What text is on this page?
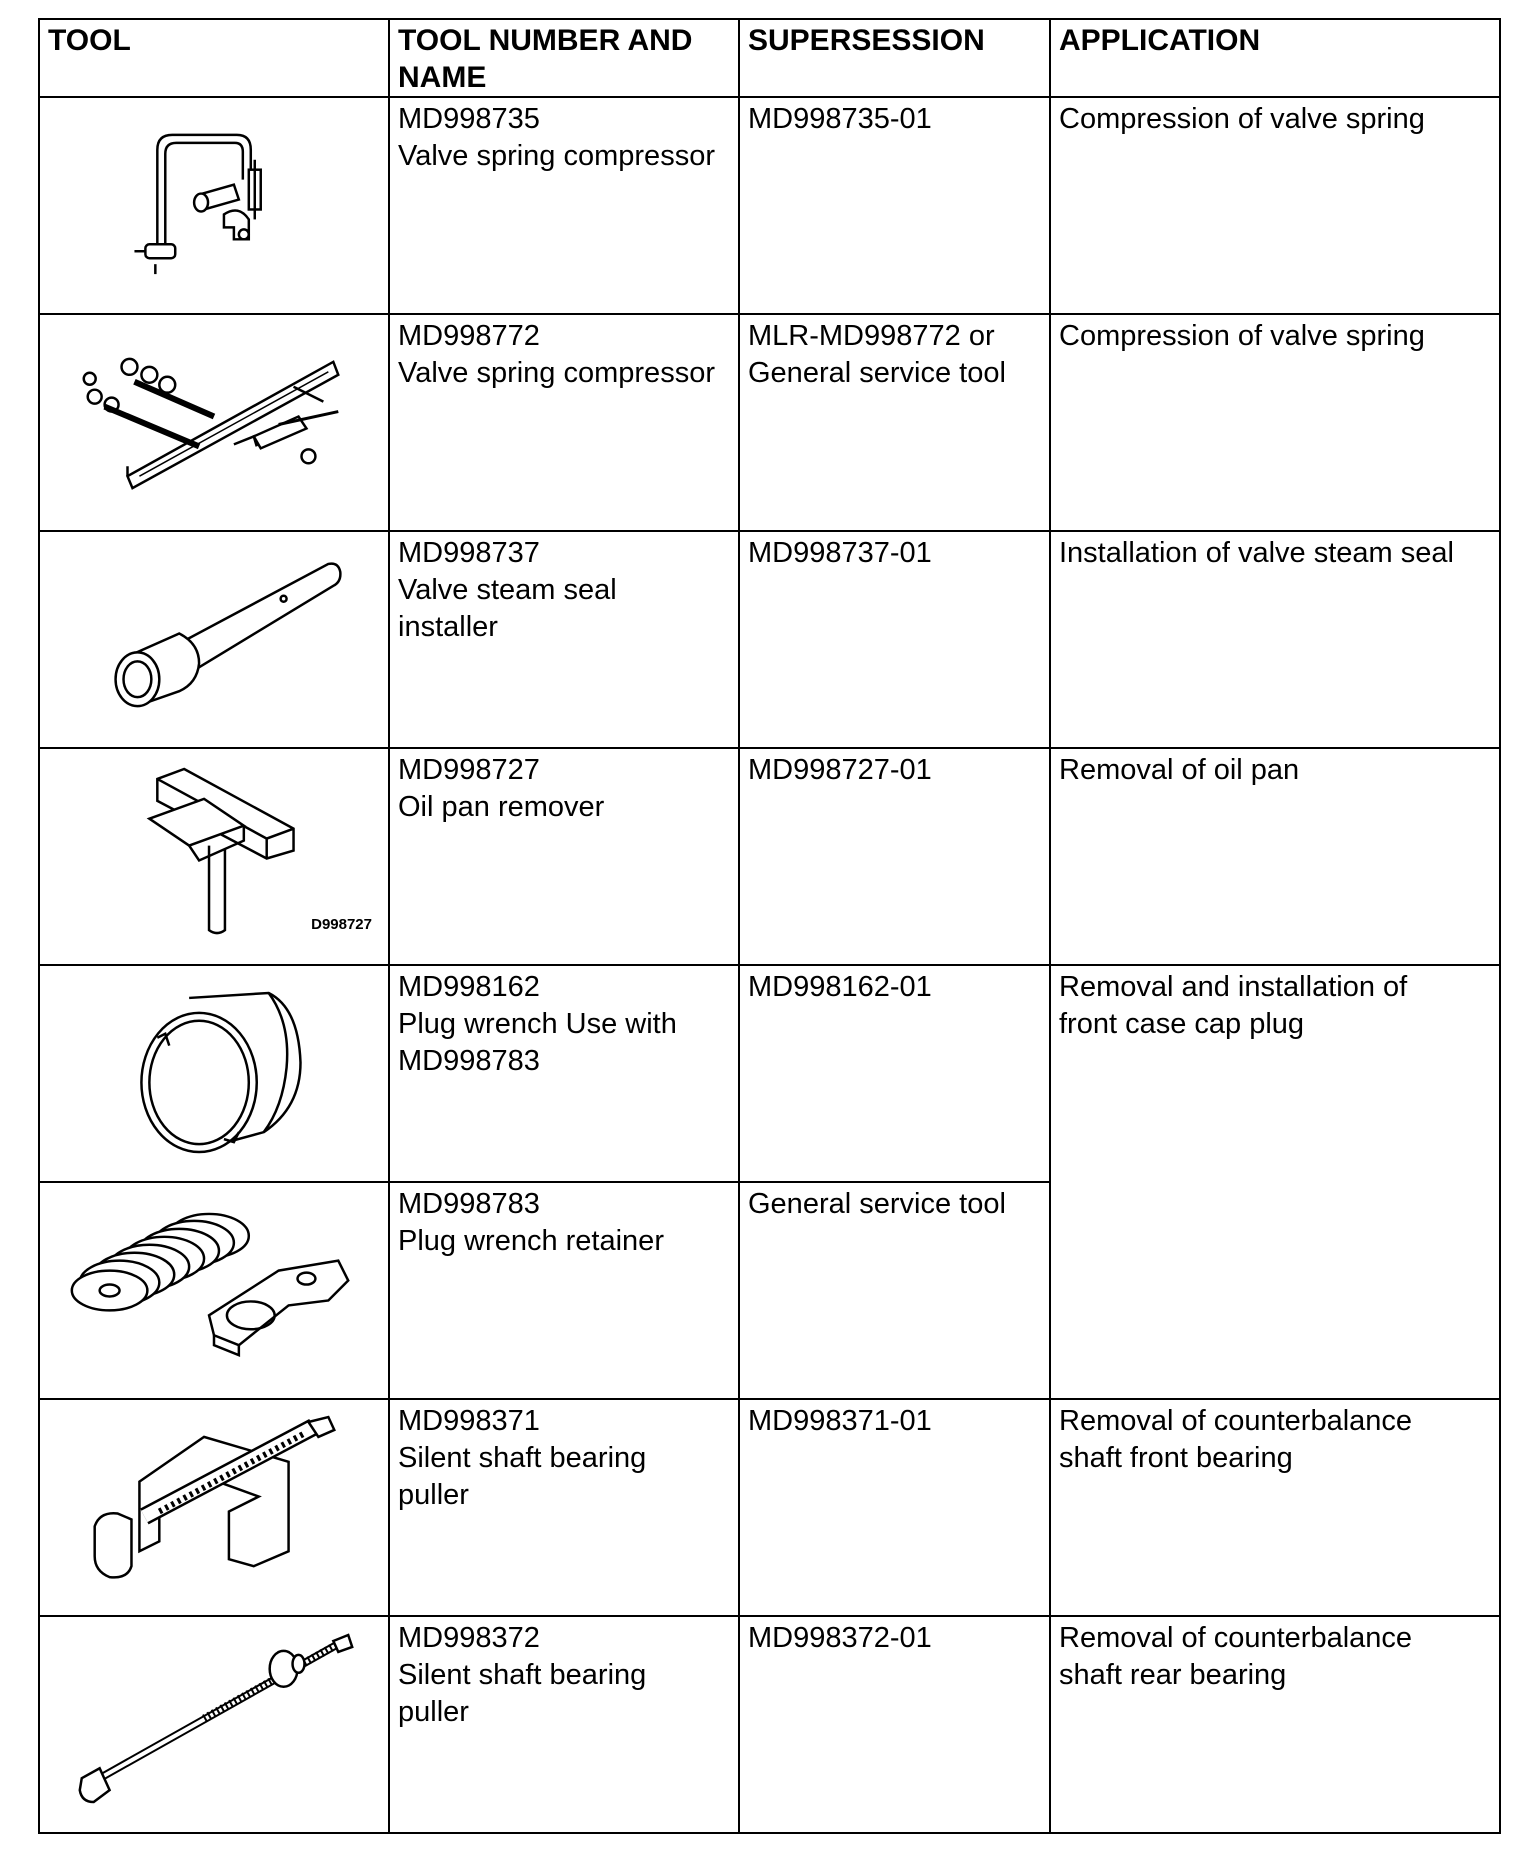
TOOL	TOOL NUMBER AND
NAME	SUPERSESSION	APPLICATION

MD998735
Valve spring compressor	MD998735-01	Compression of valve spring

MD998772
Valve spring compressor	MLR-MD998772 or
General service tool	Compression of valve spring

MD998737
Valve steam seal
installer	MD998737-01	Installation of valve steam seal

D998727	MD998727
Oil pan remover	MD998727-01	Removal of oil pan

MD998162
Plug wrench Use with
MD998783	MD998162-01	Removal and installation of
front case cap plug

MD998783
Plug wrench retainer	General service tool	

MD998371
Silent shaft bearing
puller	MD998371-01	Removal of counterbalance
shaft front bearing

MD998372
Silent shaft bearing
puller	MD998372-01	Removal of counterbalance
shaft rear bearing
